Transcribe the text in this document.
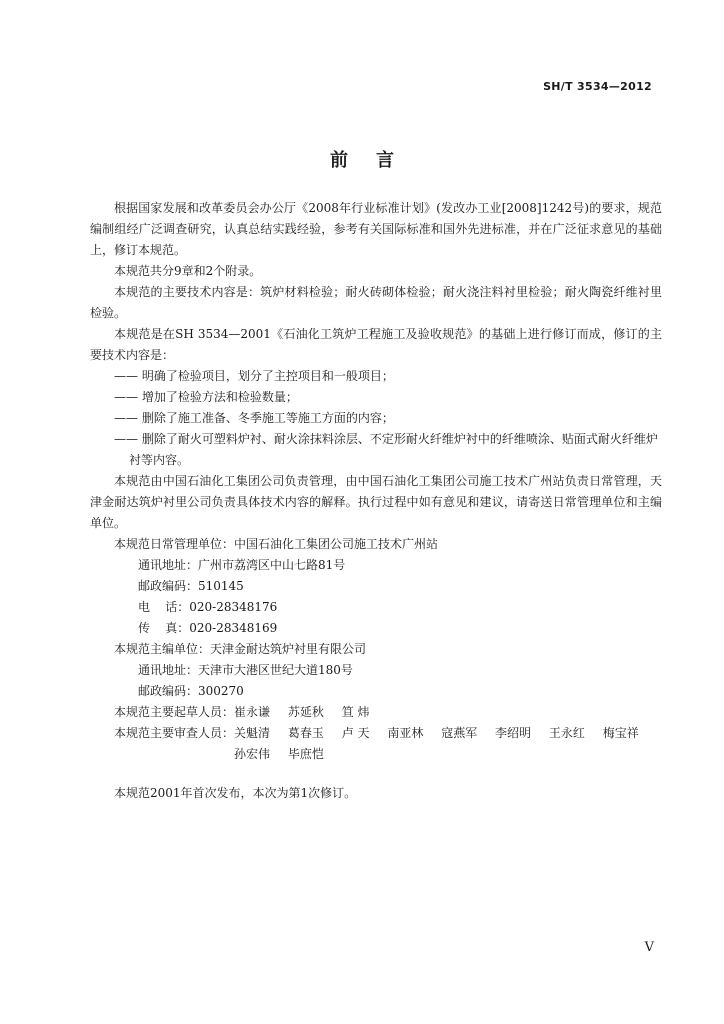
SH/T 3534—2012
前言

根据国家发展和改革委员会办公厅《2008年行业标准计划》(发改办工业[2008]1242号)的要求，规范编制组经广泛调查研究，认真总结实践经验，参考有关国际标准和国外先进标准，并在广泛征求意见的基础上，修订本规范。

本规范共分9章和2个附录。

本规范的主要技术内容是：筑炉材料检验；耐火砖砌体检验；耐火浇注料衬里检验；耐火陶瓷纤维衬里检验。

本规范是在SH 3534—2001《石油化工筑炉工程施工及验收规范》的基础上进行修订而成，修订的主要技术内容是：

—— 明确了检验项目，划分了主控项目和一般项目；

—— 增加了检验方法和检验数量；

—— 删除了施工准备、冬季施工等施工方面的内容；

—— 删除了耐火可塑料炉衬、耐火涂抹料涂层、不定形耐火纤维炉衬中的纤维喷涂、贴面式耐火纤维炉衬等内容。

本规范由中国石油化工集团公司负责管理，由中国石油化工集团公司施工技术广州站负责日常管理，天津金耐达筑炉衬里公司负责具体技术内容的解释。执行过程中如有意见和建议，请寄送日常管理单位和主编单位。

本规范日常管理单位：中国石油化工集团公司施工技术广州站

通讯地址：广州市荔湾区中山七路81号

邮政编码：510145

电    话：020-28348176

传    真：020-28348169

本规范主编单位：天津金耐达筑炉衬里有限公司

通讯地址：天津市大港区世纪大道180号

邮政编码：300270

本规范主要起草人员： 崔永谦 苏延秋 笪 炜
本规范主要审查人员： 关魁清 葛春玉 卢 天 南亚林 寇燕军 李绍明 王永红 梅宝祥 孙宏伟 毕庶恺

本规范2001年首次发布，本次为第1次修订。

V
